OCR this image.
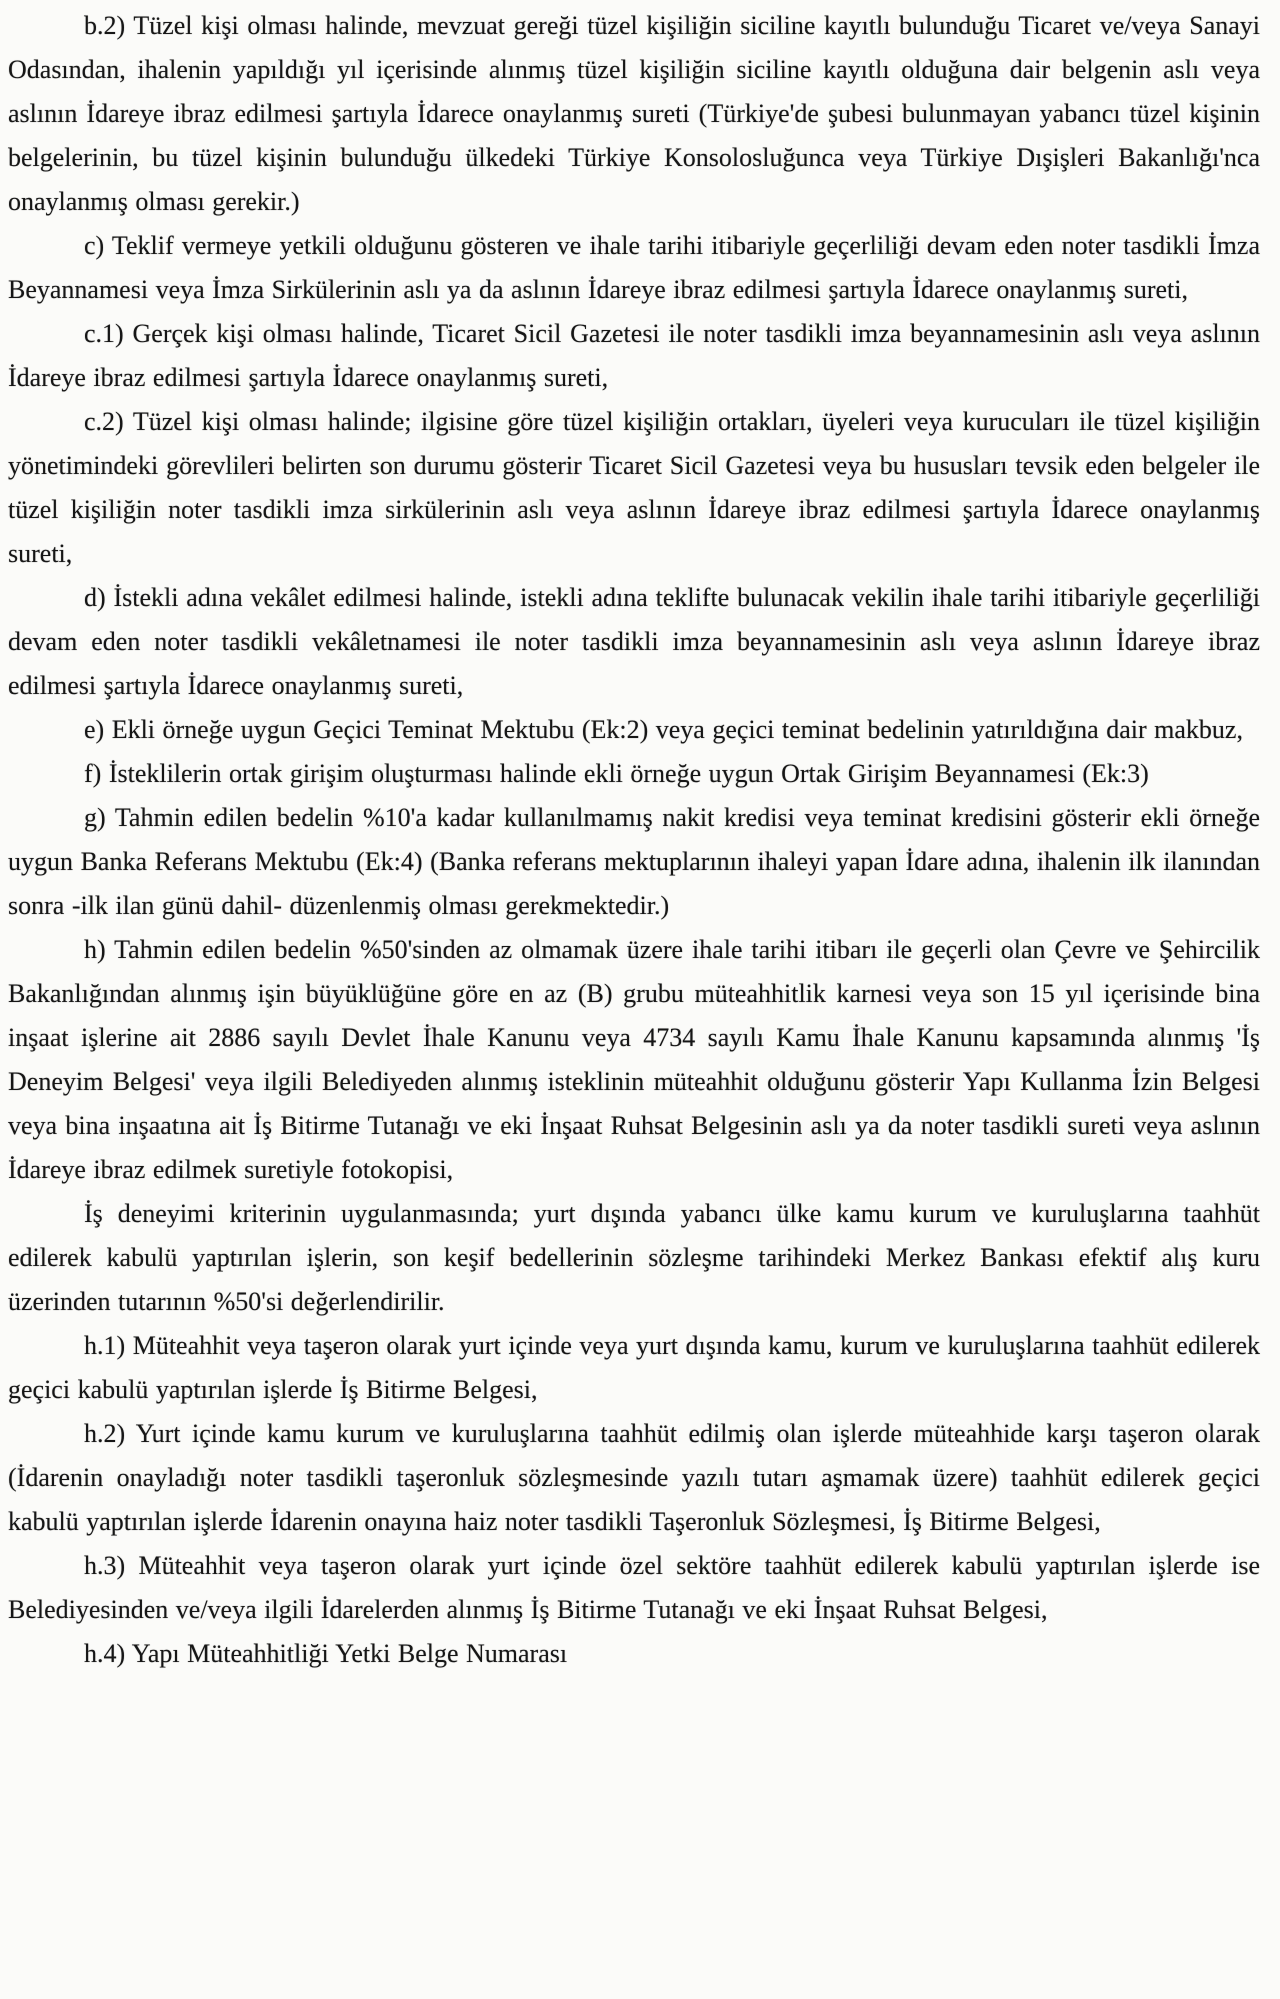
b.2) Tüzel kişi olması halinde, mevzuat gereği tüzel kişiliğin siciline kayıtlı bulunduğu Ticaret ve/veya Sanayi Odasından, ihalenin yapıldığı yıl içerisinde alınmış tüzel kişiliğin siciline kayıtlı olduğuna dair belgenin aslı veya aslının İdareye ibraz edilmesi şartıyla İdarece onaylanmış sureti (Türkiye'de şubesi bulunmayan yabancı tüzel kişinin belgelerinin, bu tüzel kişinin bulunduğu ülkedeki Türkiye Konsolosluğunca veya Türkiye Dışişleri Bakanlığı'nca onaylanmış olması gerekir.)

c) Teklif vermeye yetkili olduğunu gösteren ve ihale tarihi itibariyle geçerliliği devam eden noter tasdikli İmza Beyannamesi veya İmza Sirkülerinin aslı ya da aslının İdareye ibraz edilmesi şartıyla İdarece onaylanmış sureti,

c.1) Gerçek kişi olması halinde, Ticaret Sicil Gazetesi ile noter tasdikli imza beyannamesinin aslı veya aslının İdareye ibraz edilmesi şartıyla İdarece onaylanmış sureti,

c.2) Tüzel kişi olması halinde; ilgisine göre tüzel kişiliğin ortakları, üyeleri veya kurucuları ile tüzel kişiliğin yönetimindeki görevlileri belirten son durumu gösterir Ticaret Sicil Gazetesi veya bu hususları tevsik eden belgeler ile tüzel kişiliğin noter tasdikli imza sirkülerinin aslı veya aslının İdareye ibraz edilmesi şartıyla İdarece onaylanmış sureti,

d) İstekli adına vekâlet edilmesi halinde, istekli adına teklifte bulunacak vekilin ihale tarihi itibariyle geçerliliği devam eden noter tasdikli vekâletnamesi ile noter tasdikli imza beyannamesinin aslı veya aslının İdareye ibraz edilmesi şartıyla İdarece onaylanmış sureti,

e) Ekli örneğe uygun Geçici Teminat Mektubu (Ek:2) veya geçici teminat bedelinin yatırıldığına dair makbuz,

f) İsteklilerin ortak girişim oluşturması halinde ekli örneğe uygun Ortak Girişim Beyannamesi (Ek:3)

g) Tahmin edilen bedelin %10'a kadar kullanılmamış nakit kredisi veya teminat kredisini gösterir ekli örneğe uygun Banka Referans Mektubu (Ek:4) (Banka referans mektuplarının ihaleyi yapan İdare adına, ihalenin ilk ilanından sonra -ilk ilan günü dahil- düzenlenmiş olması gerekmektedir.)

h) Tahmin edilen bedelin %50'sinden az olmamak üzere ihale tarihi itibarı ile geçerli olan Çevre ve Şehircilik Bakanlığından alınmış işin büyüklüğüne göre en az (B) grubu müteahhitlik karnesi veya son 15 yıl içerisinde bina inşaat işlerine ait 2886 sayılı Devlet İhale Kanunu veya 4734 sayılı Kamu İhale Kanunu kapsamında alınmış 'İş Deneyim Belgesi' veya ilgili Belediyeden alınmış isteklinin müteahhit olduğunu gösterir Yapı Kullanma İzin Belgesi veya bina inşaatına ait İş Bitirme Tutanağı ve eki İnşaat Ruhsat Belgesinin aslı ya da noter tasdikli sureti veya aslının İdareye ibraz edilmek suretiyle fotokopisi,

İş deneyimi kriterinin uygulanmasında; yurt dışında yabancı ülke kamu kurum ve kuruluşlarına taahhüt edilerek kabulü yaptırılan işlerin, son keşif bedellerinin sözleşme tarihindeki Merkez Bankası efektif alış kuru üzerinden tutarının %50'si değerlendirilir.

h.1) Müteahhit veya taşeron olarak yurt içinde veya yurt dışında kamu, kurum ve kuruluşlarına taahhüt edilerek geçici kabulü yaptırılan işlerde İş Bitirme Belgesi,

h.2) Yurt içinde kamu kurum ve kuruluşlarına taahhüt edilmiş olan işlerde müteahhide karşı taşeron olarak (İdarenin onayladığı noter tasdikli taşeronluk sözleşmesinde yazılı tutarı aşmamak üzere) taahhüt edilerek geçici kabulü yaptırılan işlerde İdarenin onayına haiz noter tasdikli Taşeronluk Sözleşmesi, İş Bitirme Belgesi,

h.3) Müteahhit veya taşeron olarak yurt içinde özel sektöre taahhüt edilerek kabulü yaptırılan işlerde ise Belediyesinden ve/veya ilgili İdarelerden alınmış İş Bitirme Tutanağı ve eki İnşaat Ruhsat Belgesi,

h.4) Yapı Müteahhitliği Yetki Belge Numarası
